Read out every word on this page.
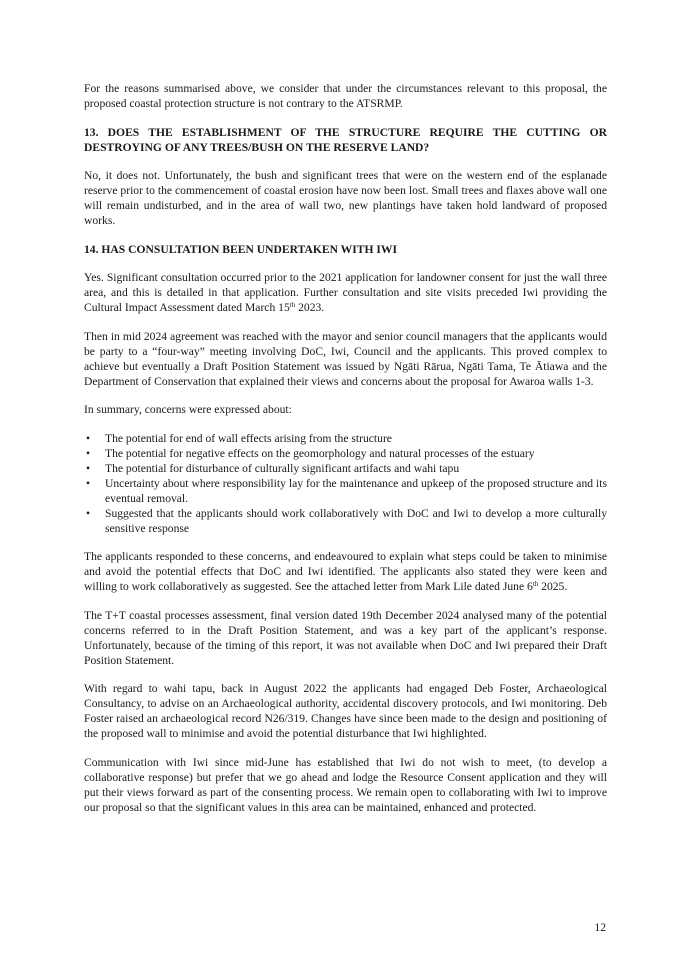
For the reasons summarised above, we consider that under the circumstances relevant to this proposal, the proposed coastal protection structure is not contrary to the ATSRMP.

13. DOES THE ESTABLISHMENT OF THE STRUCTURE REQUIRE THE CUTTING OR DESTROYING OF ANY TREES/BUSH ON THE RESERVE LAND?

No, it does not. Unfortunately, the bush and significant trees that were on the western end of the esplanade reserve prior to the commencement of coastal erosion have now been lost. Small trees and flaxes above wall one will remain undisturbed, and in the area of wall two, new plantings have taken hold landward of proposed works.

14. HAS CONSULTATION BEEN UNDERTAKEN WITH IWI

Yes. Significant consultation occurred prior to the 2021 application for landowner consent for just the wall three area, and this is detailed in that application. Further consultation and site visits preceded Iwi providing the Cultural Impact Assessment dated March 15th 2023.

Then in mid 2024 agreement was reached with the mayor and senior council managers that the applicants would be party to a “four-way” meeting involving DoC, Iwi, Council and the applicants. This proved complex to achieve but eventually a Draft Position Statement was issued by Ngāti Rārua, Ngāti Tama, Te Ātiawa and the Department of Conservation that explained their views and concerns about the proposal for Awaroa walls 1-3.

In summary, concerns were expressed about:

• The potential for end of wall effects arising from the structure
• The potential for negative effects on the geomorphology and natural processes of the estuary
• The potential for disturbance of culturally significant artifacts and wahi tapu
• Uncertainty about where responsibility lay for the maintenance and upkeep of the proposed structure and its eventual removal.
• Suggested that the applicants should work collaboratively with DoC and Iwi to develop a more culturally sensitive response

The applicants responded to these concerns, and endeavoured to explain what steps could be taken to minimise and avoid the potential effects that DoC and Iwi identified. The applicants also stated they were keen and willing to work collaboratively as suggested. See the attached letter from Mark Lile dated June 6th 2025.

The T+T coastal processes assessment, final version dated 19th December 2024 analysed many of the potential concerns referred to in the Draft Position Statement, and was a key part of the applicant’s response. Unfortunately, because of the timing of this report, it was not available when DoC and Iwi prepared their Draft Position Statement.

With regard to wahi tapu, back in August 2022 the applicants had engaged Deb Foster, Archaeological Consultancy, to advise on an Archaeological authority, accidental discovery protocols, and Iwi monitoring. Deb Foster raised an archaeological record N26/319. Changes have since been made to the design and positioning of the proposed wall to minimise and avoid the potential disturbance that Iwi highlighted.

Communication with Iwi since mid-June has established that Iwi do not wish to meet, (to develop a collaborative response) but prefer that we go ahead and lodge the Resource Consent application and they will put their views forward as part of the consenting process. We remain open to collaborating with Iwi to improve our proposal so that the significant values in this area can be maintained, enhanced and protected.

12
